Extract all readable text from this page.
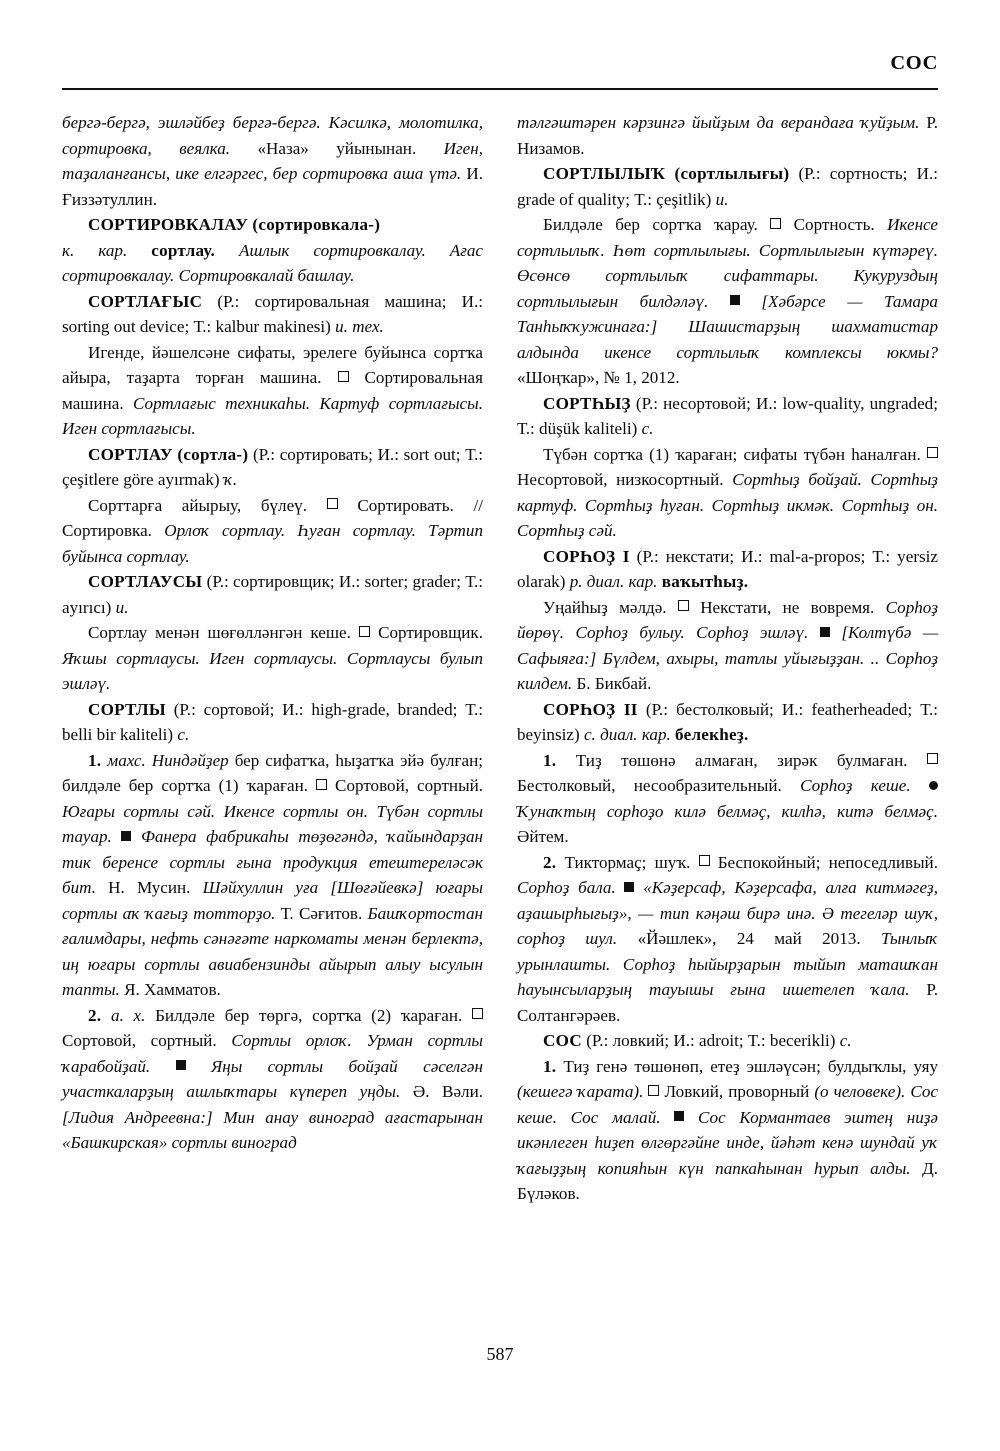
СОС

бергә-бергә, эшләйбеҙ бергә-бергә. Кәсилкә, молотилка, сортировка, веялка. «Наза» уйынынан. Иген, таҙаланғансы, ике елгәргес, бер сортировка аша үтә. И. Ғиззәтуллин.

СОРТИРОВКАЛАУ (сортировкала-)
к. кар. сортлау. Ашлык сортировкалау. Ағас сортировкалау. Сортировкалай башлау.

СОРТЛАҒЫС (Р.: сортировальная машина; И.: sorting out device; Т.: kalbur makinesi) и. тех.

Игенде, йәшелсәне сифаты, эрелеге буйынса сортҡа айыра, таҙарта торған машина.	Сортировальная машина. Сортлағыс техникаһы. Картуф сортлағысы. Иген сортлағысы.

СОРТЛАУ (сортла-) (Р.: сортировать; И.: sort out; Т.: çeşitlere göre ayırmak) ҡ.

Сорттарға айырыу, бүлеү.	Сортировать. // Сортировка. Орлоҡ сортлау. Һуған сортлау. Тәртип буйынса сортлау.

СОРТЛАУСЫ (Р.: сортировщик; И.: sorter; grader; Т.: ayırıcı) и.

Сортлау менән шөғөлләнгән кеше. Сортировщик. Яҡшы сортлаусы. Иген сортлаусы. Сортлаусы булып эшләү.

СОРТЛЫ (Р.: сортовой; И.: high-grade, branded; Т.: belli bir kaliteli) с.

1. махс. Ниндәйҙер бер сифатҡа, һыҙатҡа эйә булған; билдәле бер сортҡа (1) ҡараған. Сортовой, сортный. Юғары сортлы сәй. Икенсе сортлы он. Түбән сортлы тауар. Фанера фабрикаһы төҙөгәндә, ҡайындарҙан тик беренсе сортлы ғына продукция етештереләсәк бит. Н. Мусин. Шәйхуллин уға [Шөғәйевкә] юғары сортлы аҡ ҡағыҙ тотторҙо. Т. Сәғитов. Башҡортостан ғалимдары, нефть сәнәғәте наркоматы менән берлектә, иң юғары сортлы авиабензинды айырып алыу ысулын тапты. Я. Хамматов.

2. а. х. Билдәле бер төргә, сортҡа (2) ҡараған.  Сортовой, сортный. Сортлы орлоҡ. Урман сортлы ҡарабойҙай.	Яңы сортлы бойҙай сәселгән участкаларҙың ашлыҡтары күпереп уңды. Ә. Вәли. [Лидия Андреевна:] Мин анау виноград ағастарынан «Башкирская» сортлы виноград

тәлгәштәрен кәрзингә йыйҙым да верандаға ҡуйҙым. Р. Низамов.

СОРТЛЫЛЫҠ (сортлылығы) (Р.: сортность; И.: grade of quality; Т.: çeşitlik) и.

Билдәле бер сортҡа ҡарау. Сортность. Икенсе сортлылыҡ. Һөт сортлылығы. Сортлылығын күтәреү. Өсөнсө сортлылыҡ сифаттары. Кукуруздың сортлылығын билдәләү.	[Хәбәрсе — Тамара Танһыҡҡужинаға:] Шашистарҙың шахматистар алдында икенсе сортлылыҡ комплексы юкмы? «Шоңҡар», № 1, 2012.

СОРТҺЫҘ (Р.: несортовой; И.: low-quality, ungraded; Т.: düşük kaliteli) с.

Түбән сортҡа (1) ҡараған; сифаты түбән һаналған.  Несортовой, низкосортный. Сортһыҙ бойҙай. Сортһыҙ картуф. Сортһыҙ һуған. Сортһыҙ икмәк. Сортһыҙ он. Сортһыҙ сәй.

СОРҺОҘ I (Р.: некстати; И.: mal-a-propos; Т.: yersiz olarak) р. диал. кар. ваҡытһыҙ.

Уңайһыҙ мәлдә. Некстати, не вовремя. Сорһоҙ йөрөү. Сорһоҙ булыу. Сорһоҙ эшләү. [Колтүбә — Сафыяға:] Бүлдем, ахыры, татлы уйығыҙҙан. .. Сорһоҙ килдем. Б. Бикбай.

СОРҺОҘ II (Р.: бестолковый; И.: featherheaded; Т.: beyinsiz) с. диал. кар. белекһеҙ.

1. Тиҙ төшөнә алмаған, зирәк булмаған.  Бестолковый, несообразительный. Сорһоҙ кеше.  Ҡунаҡтың сорһоҙо килә белмәҫ, килһә, китә белмәҫ. Әйтем.

2. Тиктормаҫ; шуҡ. Беспокойный; непоседливый. Сорһоҙ бала. «Кәҙерсаф, Кәҙерсафа, алға китмәгеҙ, аҙашырһығыҙ», — тип кәңәш бирә инә. Ә тегеләр шуҡ, сорһоҙ шул. «Йәшлек», 24 май 2013. Тынлыҡ урынлашты. Сорһоҙ һыйырҙарын тыйып маташҡан һауынсыларҙың тауышы ғына ишетелеп ҡала. Р. Солтангәрәев.

СОС (Р.: ловкий; И.: adroit; Т.: becerikli) с.

1. Тиҙ генә төшөнөп, етеҙ эшләүсән; булдыҡлы, уяу (кешегә ҡарата). Ловкий, проворный (о человеке). Сос кеше. Сос малай. Сос Кормантаев эштең ниҙә икәнлеген һиҙеп өлгөргәйне инде, йәһәт кенә шундай уҡ ҡағыҙҙың копияһын күн папкаһынан һурып алды. Д. Бүләков.

587
